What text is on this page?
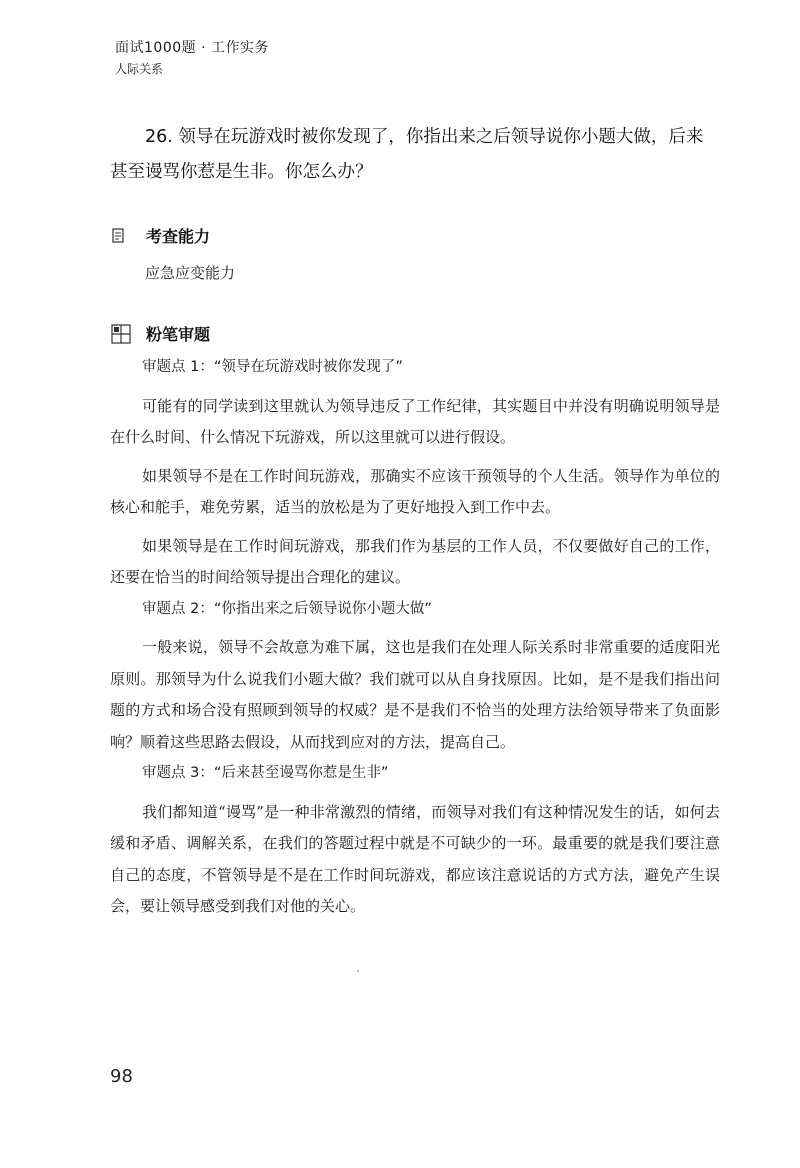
面试1000题 · 工作实务
人际关系
26. 领导在玩游戏时被你发现了，你指出来之后领导说你小题大做，后来甚至谩骂你惹是生非。你怎么办？
考查能力
应急应变能力
粉笔审题

审题点 1：“领导在玩游戏时被你发现了”

可能有的同学读到这里就认为领导违反了工作纪律，其实题目中并没有明确说明领导是在什么时间、什么情况下玩游戏，所以这里就可以进行假设。

如果领导不是在工作时间玩游戏，那确实不应该干预领导的个人生活。领导作为单位的核心和舵手，难免劳累，适当的放松是为了更好地投入到工作中去。

如果领导是在工作时间玩游戏，那我们作为基层的工作人员，不仅要做好自己的工作，还要在恰当的时间给领导提出合理化的建议。

审题点 2：“你指出来之后领导说你小题大做”

一般来说，领导不会故意为难下属，这也是我们在处理人际关系时非常重要的适度阳光原则。那领导为什么说我们小题大做？我们就可以从自身找原因。比如，是不是我们指出问题的方式和场合没有照顾到领导的权威？是不是我们不恰当的处理方法给领导带来了负面影响？顺着这些思路去假设，从而找到应对的方法，提高自己。

审题点 3：“后来甚至谩骂你惹是生非”

我们都知道“谩骂”是一种非常激烈的情绪，而领导对我们有这种情况发生的话，如何去缓和矛盾、调解关系，在我们的答题过程中就是不可缺少的一环。最重要的就是我们要注意自己的态度，不管领导是不是在工作时间玩游戏，都应该注意说话的方式方法，避免产生误会，要让领导感受到我们对他的关心。

98
